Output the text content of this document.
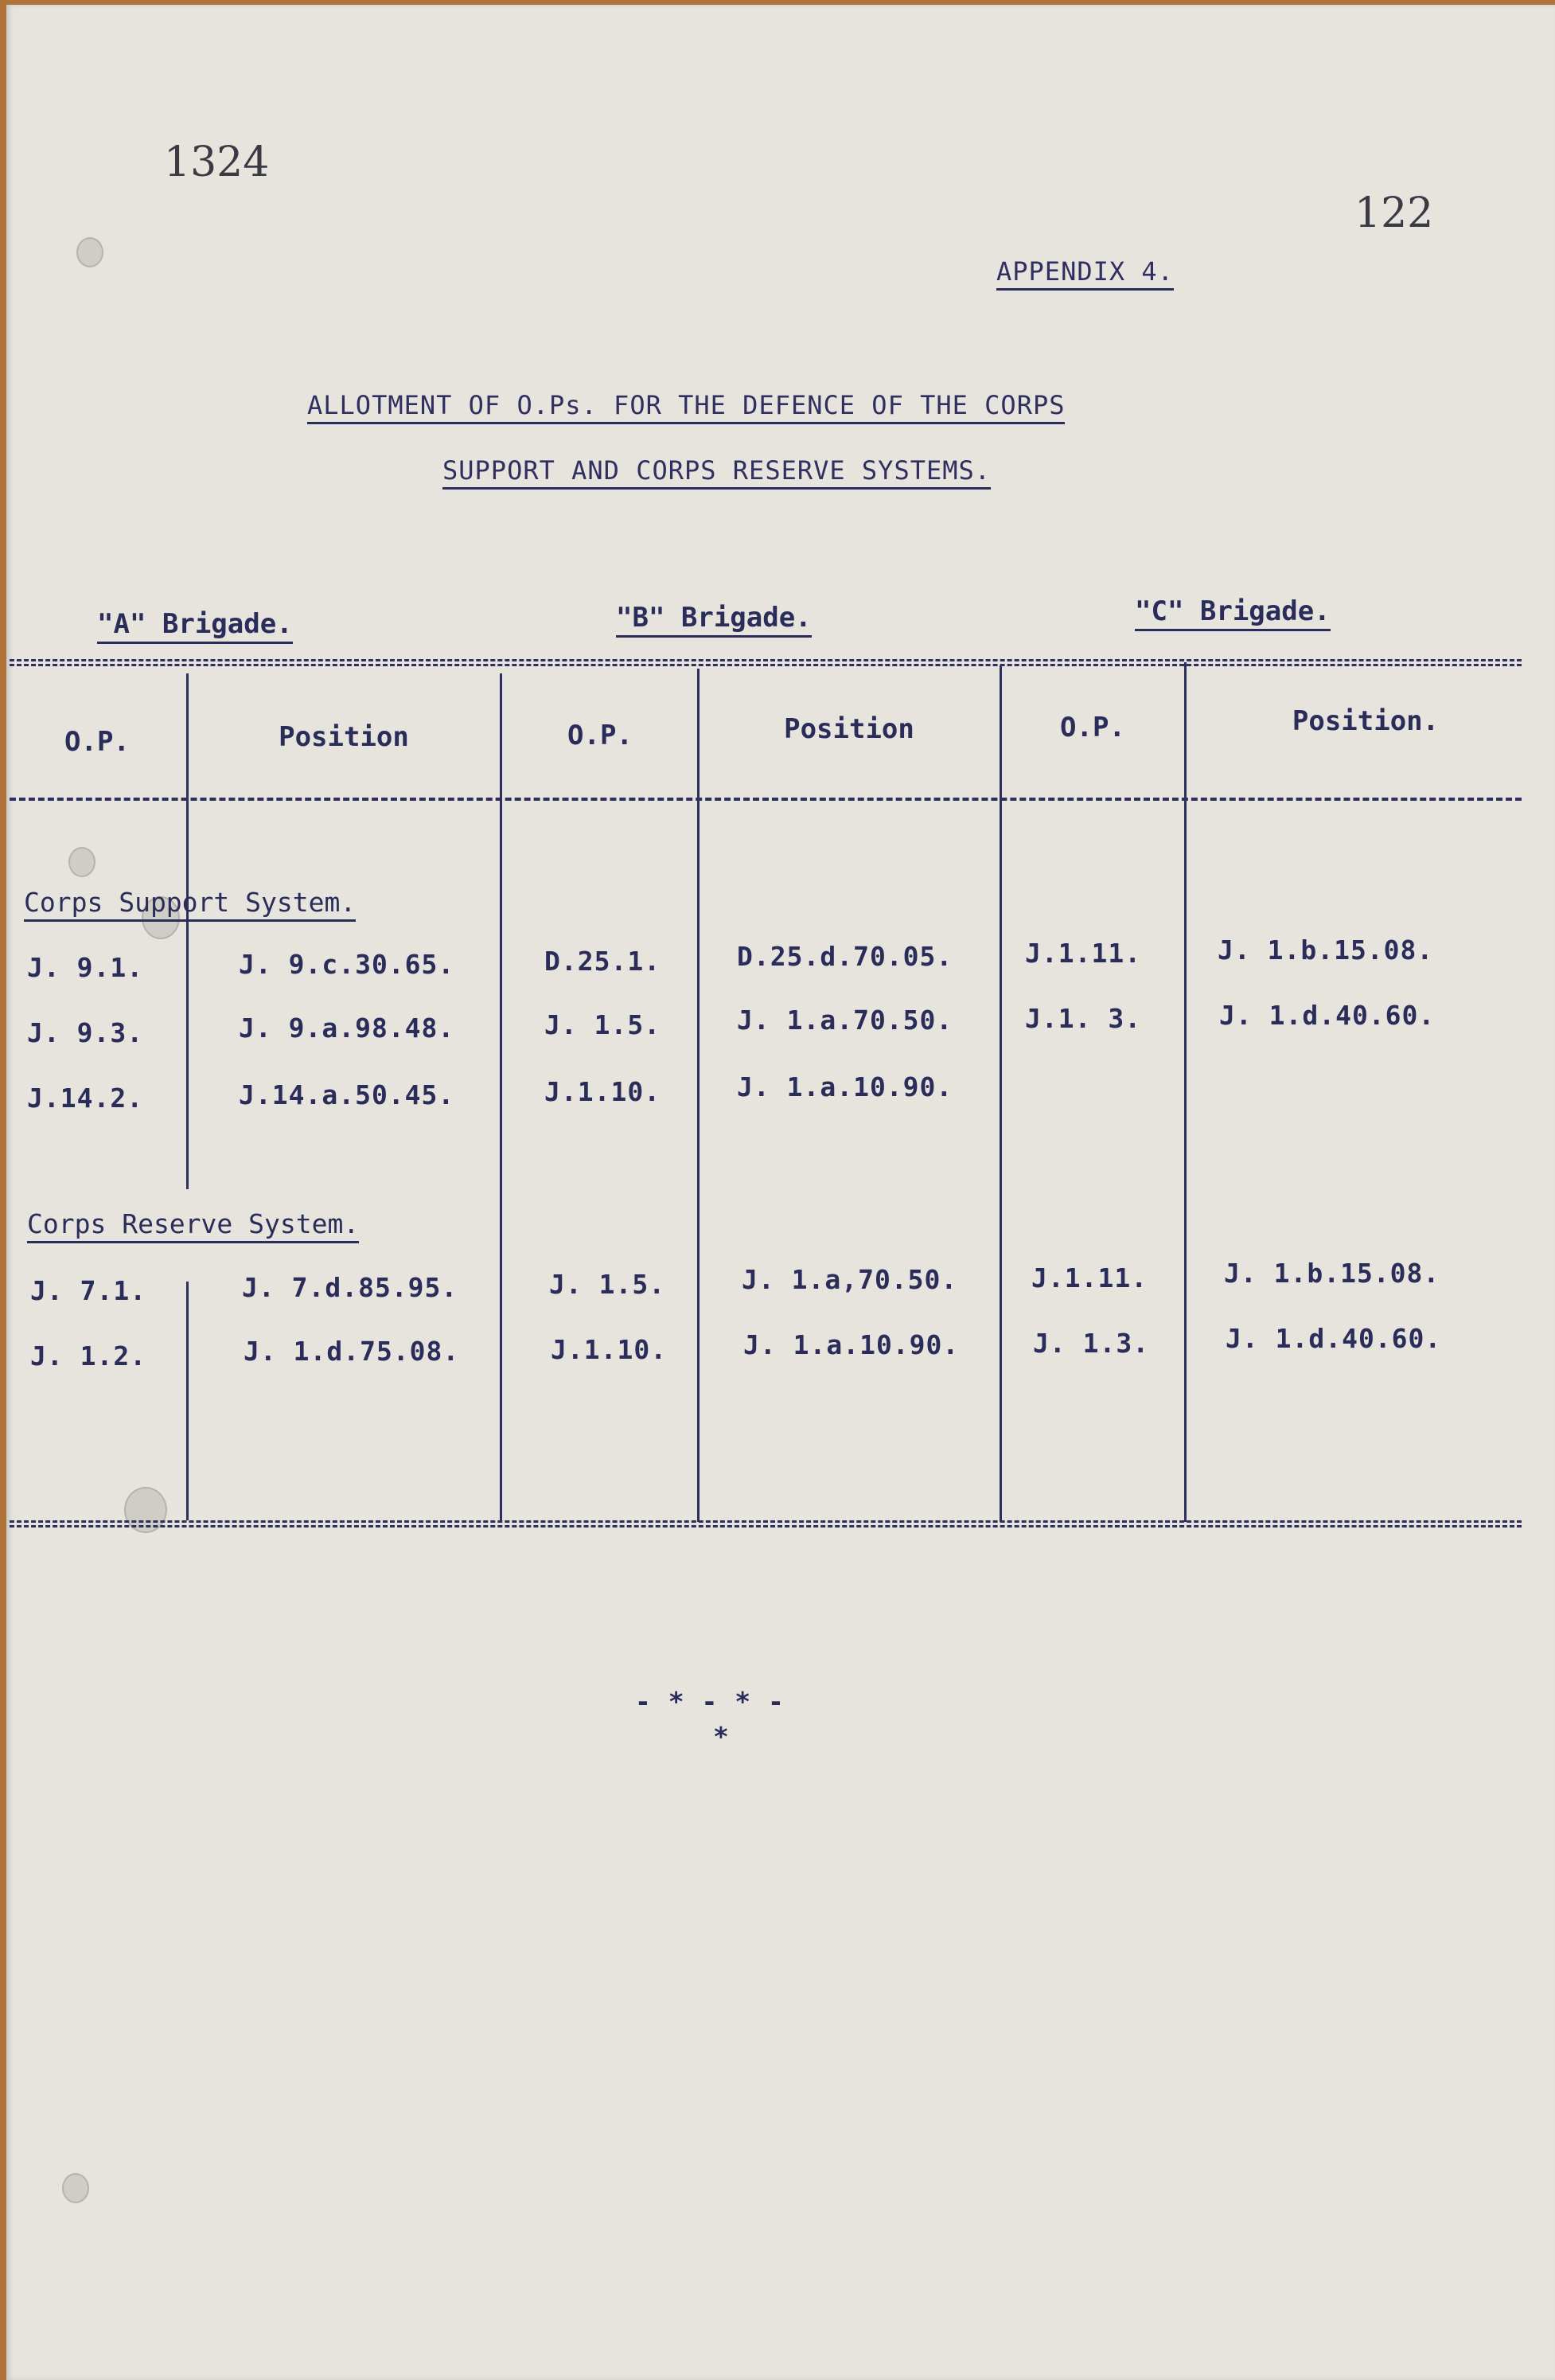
1324
122
APPENDIX 4.
ALLOTMENT OF O.Ps. FOR THE DEFENCE OF THE CORPS
SUPPORT AND CORPS RESERVE SYSTEMS.
"A" Brigade.	"B" Brigade.	"C" Brigade.
O.P.	Position	O.P.	Position	O.P.	Position.
Corps Support System.
J. 9.1.	J. 9.c.30.65.	D.25.1.	D.25.d.70.05.	J.1.11.	J. 1.b.15.08.
J. 9.3.	J. 9.a.98.48.	J. 1.5.	J. 1.a.70.50.	J.1. 3.	J. 1.d.40.60.
J.14.2.	J.14.a.50.45.	J.1.10.	J. 1.a.10.90.
Corps Reserve System.
J. 7.1.	J. 7.d.85.95.	J. 1.5.	J. 1.a,70.50.	J.1.11.	J. 1.b.15.08.
J. 1.2.	J. 1.d.75.08.	J.1.10.	J. 1.a.10.90.	J. 1.3.	J. 1.d.40.60.
- * - * -
*
